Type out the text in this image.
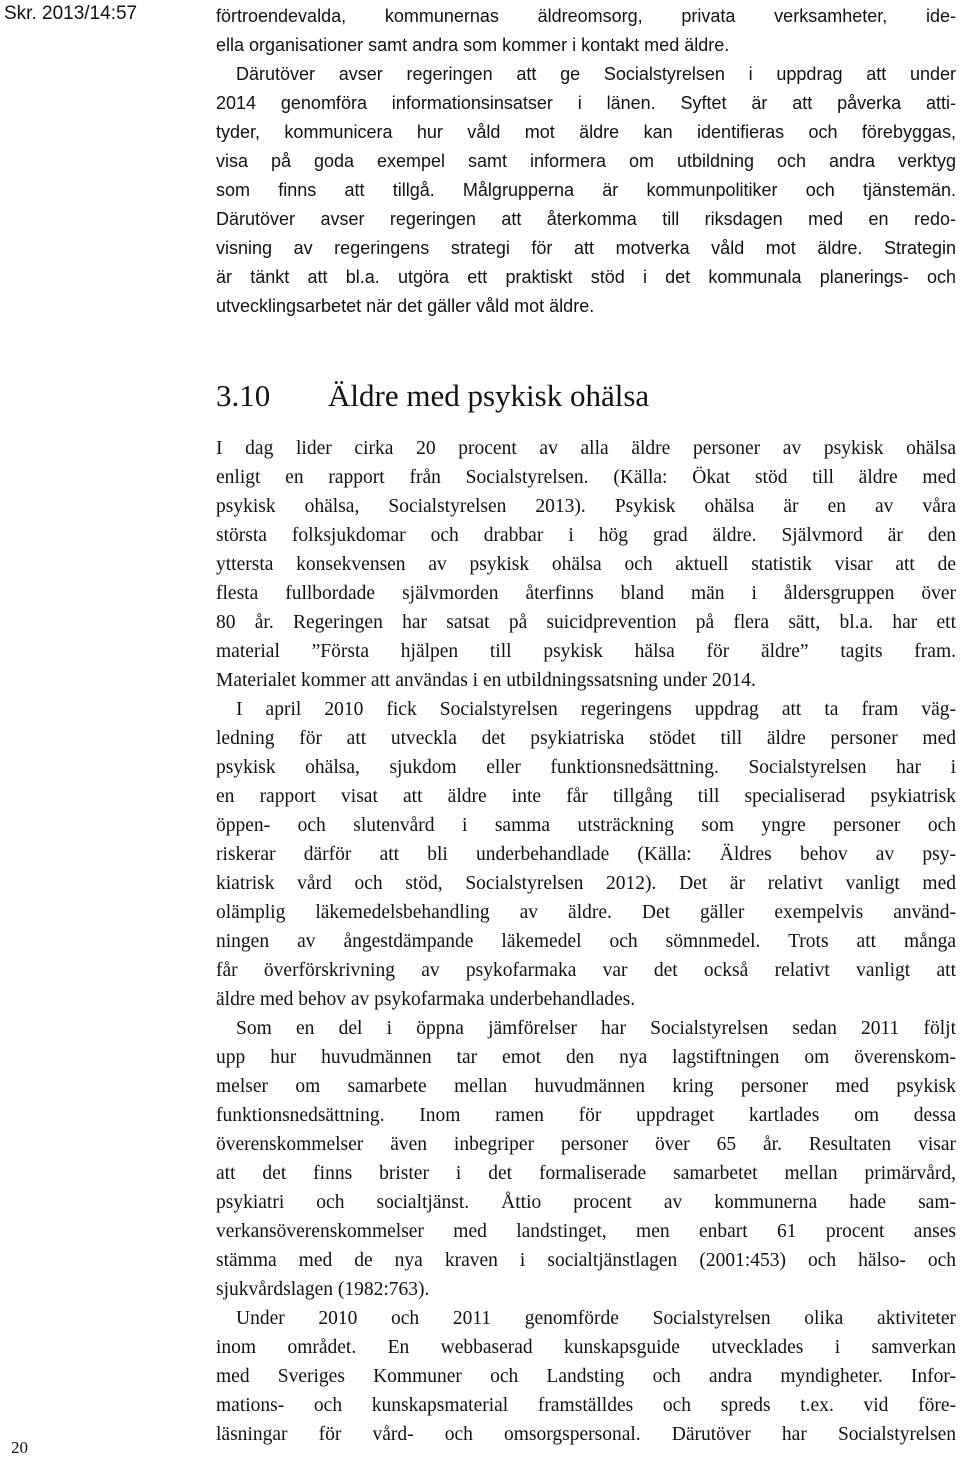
Skr. 2013/14:57	förtroendevalda, kommunernas äldreomsorg, privata verksamheter, ide-
ella organisationer samt andra som kommer i kontakt med äldre.
Därutöver avser regeringen att ge Socialstyrelsen i uppdrag att under
2014 genomföra informationsinsatser i länen. Syftet är att påverka atti-
tyder, kommunicera hur våld mot äldre kan identifieras och förebyggas,
visa på goda exempel samt informera om utbildning och andra verktyg
som finns att tillgå. Målgrupperna är kommunpolitiker och tjänstemän.
Därutöver avser regeringen att återkomma till riksdagen med en redo-
visning av regeringens strategi för att motverka våld mot äldre. Strategin
är tänkt att bl.a. utgöra ett praktiskt stöd i det kommunala planerings- och
utvecklingsarbetet när det gäller våld mot äldre.
3.10 Äldre med psykisk ohälsa
I dag lider cirka 20 procent av alla äldre personer av psykisk ohälsa
enligt en rapport från Socialstyrelsen. (Källa: Ökat stöd till äldre med
psykisk ohälsa, Socialstyrelsen 2013). Psykisk ohälsa är en av våra
största folksjukdomar och drabbar i hög grad äldre. Självmord är den
yttersta konsekvensen av psykisk ohälsa och aktuell statistik visar att de
flesta fullbordade självmorden återfinns bland män i åldersgruppen över
80 år. Regeringen har satsat på suicidprevention på flera sätt, bl.a. har ett
material ”Första hjälpen till psykisk hälsa för äldre” tagits fram.
Materialet kommer att användas i en utbildningssatsning under 2014.
I april 2010 fick Socialstyrelsen regeringens uppdrag att ta fram väg-
ledning för att utveckla det psykiatriska stödet till äldre personer med
psykisk ohälsa, sjukdom eller funktionsnedsättning. Socialstyrelsen har i
en rapport visat att äldre inte får tillgång till specialiserad psykiatrisk
öppen- och slutenvård i samma utsträckning som yngre personer och
riskerar därför att bli underbehandlade (Källa: Äldres behov av psy-
kiatrisk vård och stöd, Socialstyrelsen 2012). Det är relativt vanligt med
olämplig läkemedelsbehandling av äldre. Det gäller exempelvis använd-
ningen av ångestdämpande läkemedel och sömnmedel. Trots att många
får överförskrivning av psykofarmaka var det också relativt vanligt att
äldre med behov av psykofarmaka underbehandlades.
Som en del i öppna jämförelser har Socialstyrelsen sedan 2011 följt
upp hur huvudmännen tar emot den nya lagstiftningen om överenskom-
melser om samarbete mellan huvudmännen kring personer med psykisk
funktionsnedsättning. Inom ramen för uppdraget kartlades om dessa
överenskommelser även inbegriper personer över 65 år. Resultaten visar
att det finns brister i det formaliserade samarbetet mellan primärvård,
psykiatri och socialtjänst. Åttio procent av kommunerna hade sam-
verkansöverenskommelser med landstinget, men enbart 61 procent anses
stämma med de nya kraven i socialtjänstlagen (2001:453) och hälso- och
sjukvårdslagen (1982:763).
Under 2010 och 2011 genomförde Socialstyrelsen olika aktiviteter
inom området. En webbaserad kunskapsguide utvecklades i samverkan
med Sveriges Kommuner och Landsting och andra myndigheter. Infor-
mations- och kunskapsmaterial framställdes och spreds t.ex. vid före-
läsningar för vård- och omsorgspersonal. Därutöver har Socialstyrelsen
20
